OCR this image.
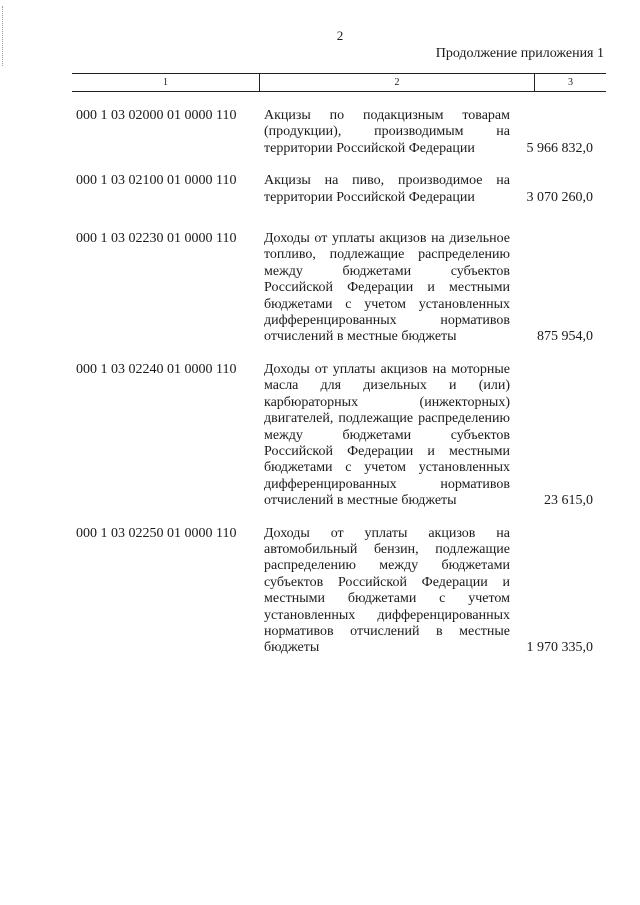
2
Продолжение приложения 1
1	2	3
000 1 03 02000 01 0000 110	Акцизы по подакцизным товарам (продукции), производимым на территории Российской Федерации	5 966 832,0
000 1 03 02100 01 0000 110	Акцизы на пиво, производимое на территории Российской Федерации	3 070 260,0
000 1 03 02230 01 0000 110	Доходы от уплаты акцизов на дизельное топливо, подлежащие распределению между бюджетами субъектов Российской Федерации и местными бюджетами с учетом установленных дифференцированных нормативов отчислений в местные бюджеты	875 954,0
000 1 03 02240 01 0000 110	Доходы от уплаты акцизов на моторные масла для дизельных и (или) карбюраторных (инжекторных) двигателей, подлежащие распределению между бюджетами субъектов Российской Федерации и местными бюджетами с учетом установленных дифференцированных нормативов отчислений в местные бюджеты	23 615,0
000 1 03 02250 01 0000 110	Доходы от уплаты акцизов на автомобильный бензин, подлежащие распределению между бюджетами субъектов Российской Федерации и местными бюджетами с учетом установленных дифференцированных нормативов отчислений в местные бюджеты	1 970 335,0
